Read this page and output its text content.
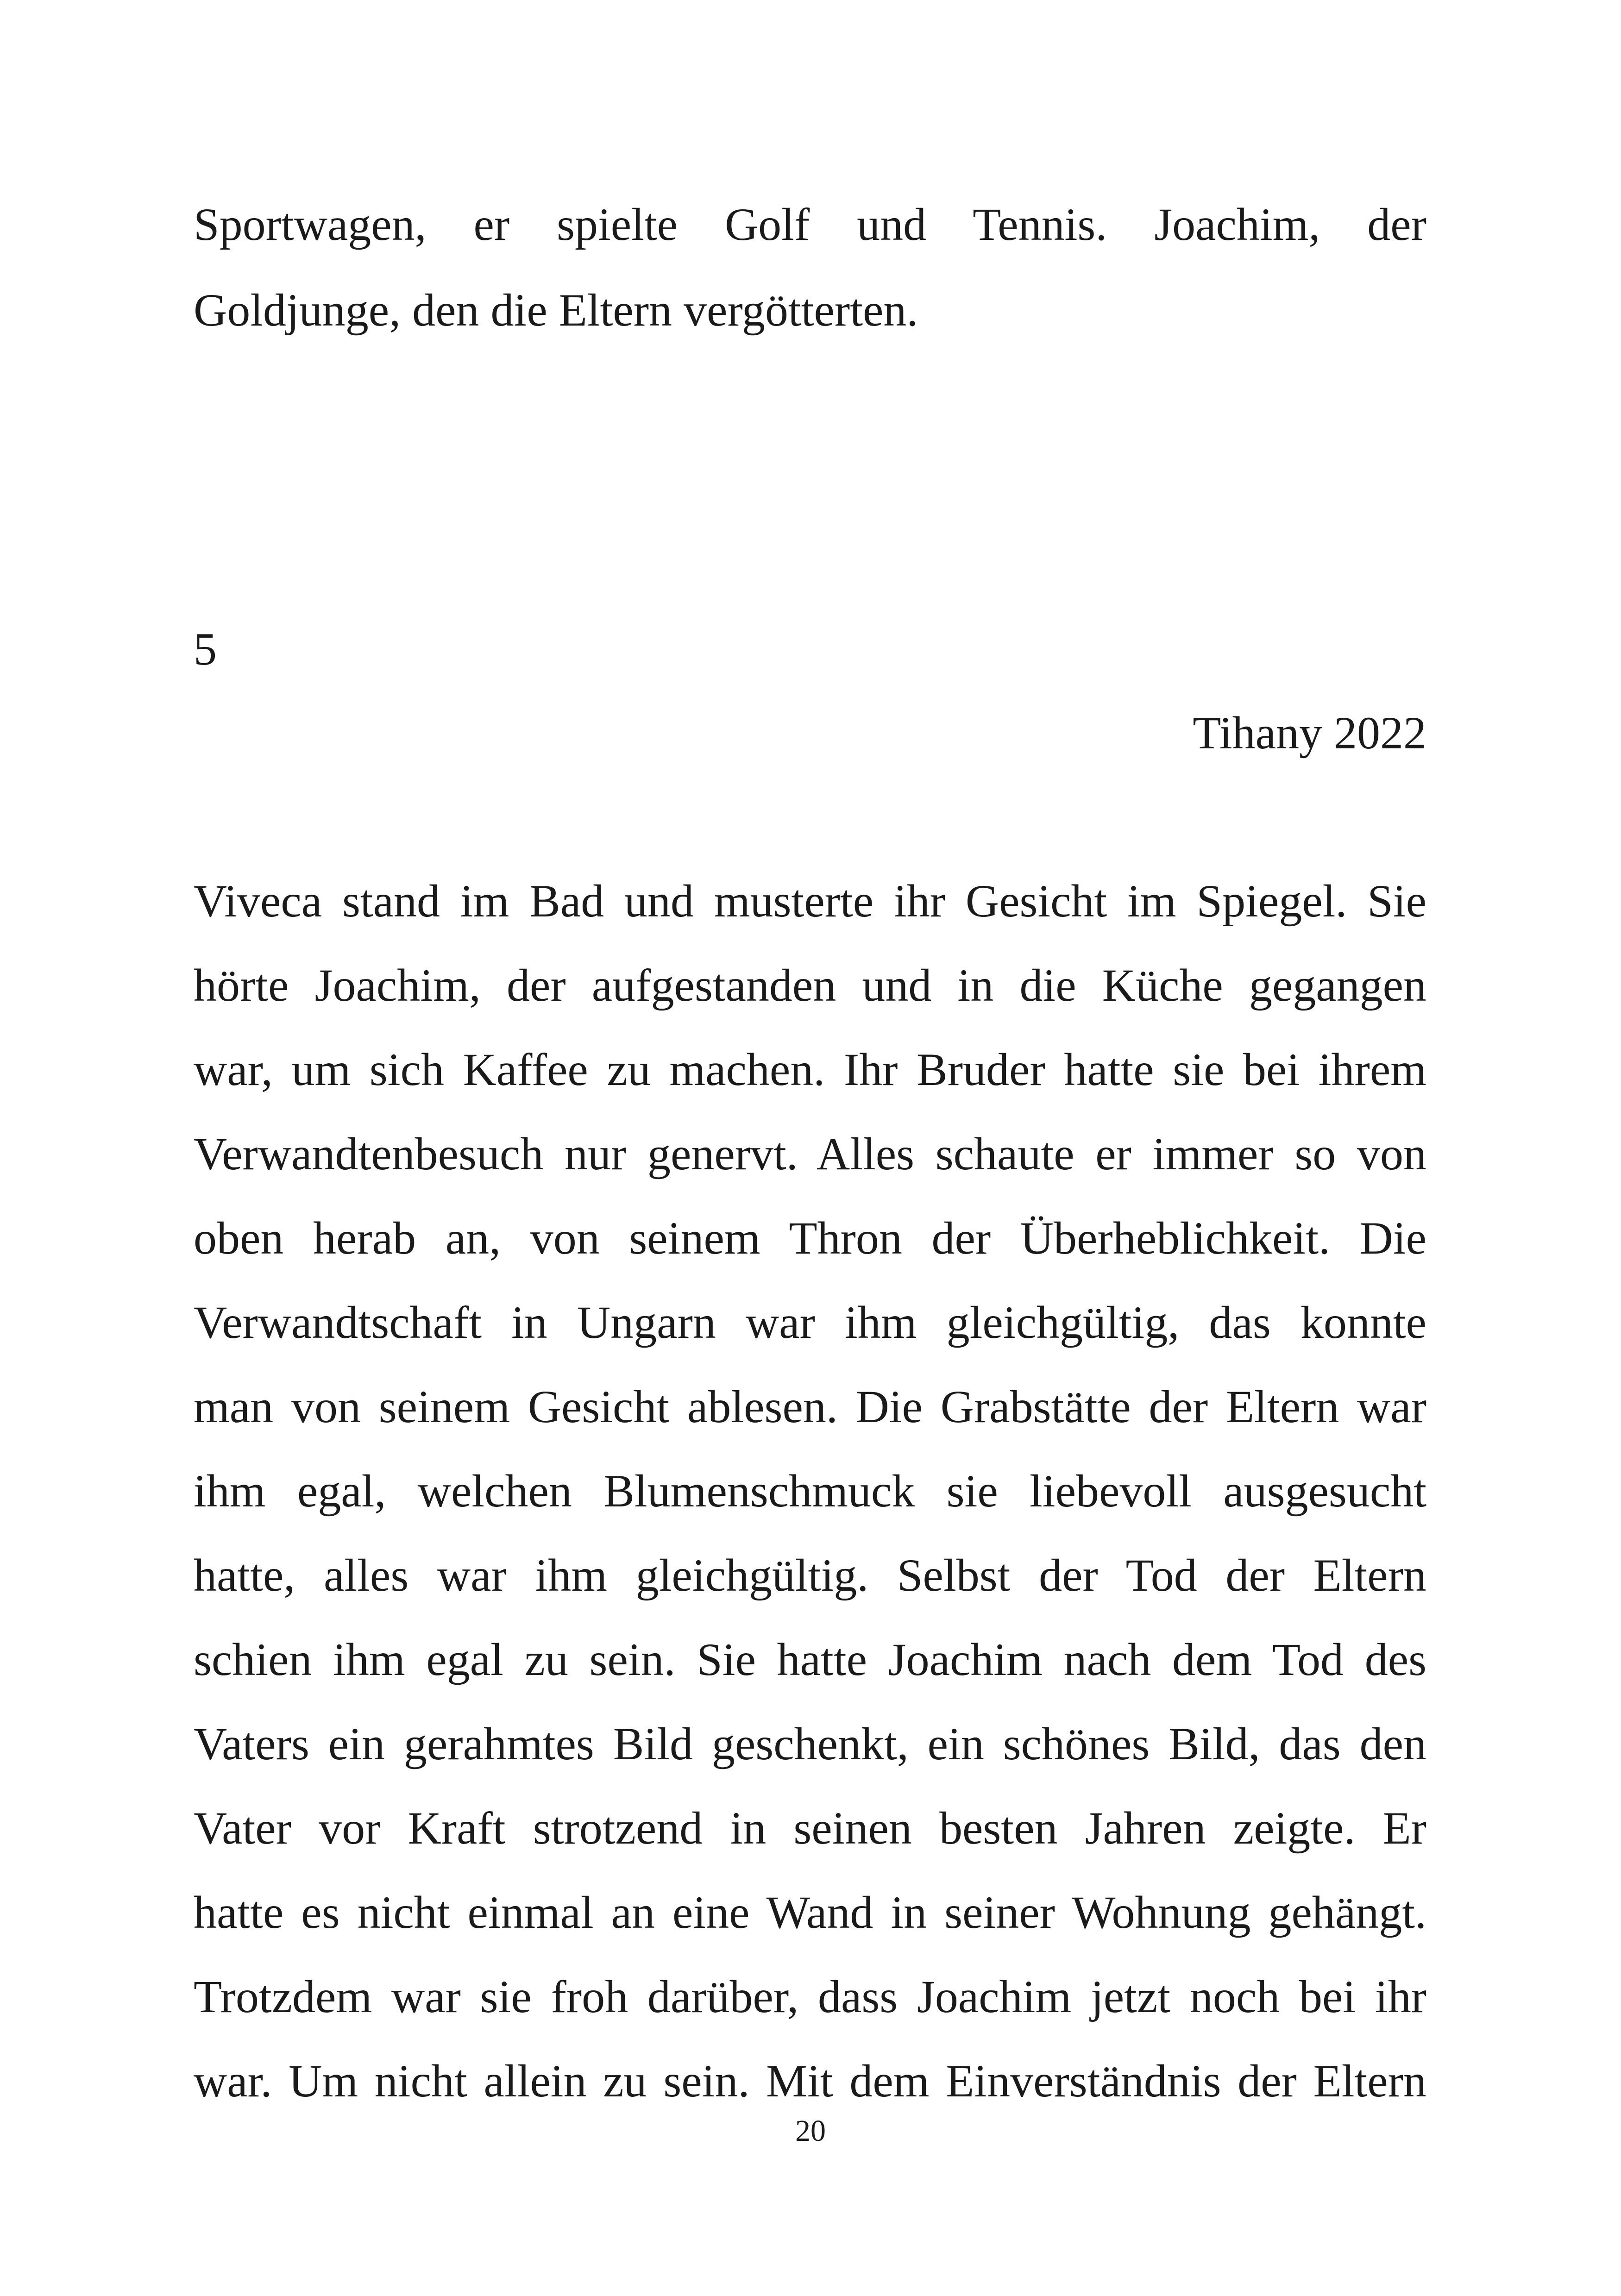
Sportwagen, er spielte Golf und Tennis. Joachim, der
Goldjunge, den die Eltern vergötterten.
5
Tihany 2022
Viveca stand im Bad und musterte ihr Gesicht im Spiegel. Sie
hörte Joachim, der aufgestanden und in die Küche gegangen
war, um sich Kaffee zu machen. Ihr Bruder hatte sie bei ihrem
Verwandtenbesuch nur genervt. Alles schaute er immer so von
oben herab an, von seinem Thron der Überheblichkeit. Die
Verwandtschaft in Ungarn war ihm gleichgültig, das konnte
man von seinem Gesicht ablesen. Die Grabstätte der Eltern war
ihm egal, welchen Blumenschmuck sie liebevoll ausgesucht
hatte, alles war ihm gleichgültig. Selbst der Tod der Eltern
schien ihm egal zu sein. Sie hatte Joachim nach dem Tod des
Vaters ein gerahmtes Bild geschenkt, ein schönes Bild, das den
Vater vor Kraft strotzend in seinen besten Jahren zeigte. Er
hatte es nicht einmal an eine Wand in seiner Wohnung gehängt.
Trotzdem war sie froh darüber, dass Joachim jetzt noch bei ihr
war. Um nicht allein zu sein. Mit dem Einverständnis der Eltern
20
